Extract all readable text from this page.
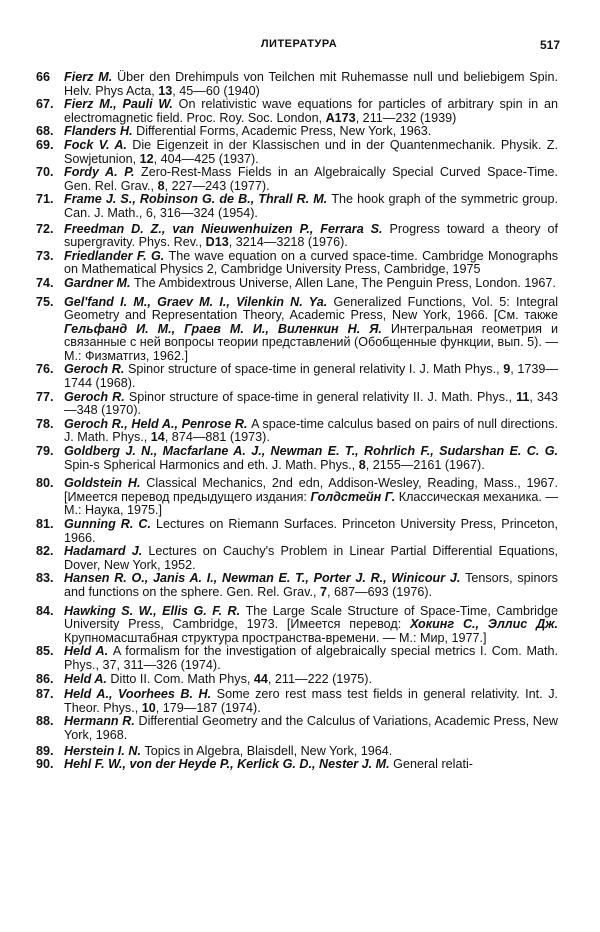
ЛИТЕРАТУРА	517
66 Fierz M. Über den Drehimpuls von Teilchen mit Ruhemasse null und beliebigem Spin. Helv. Phys Acta, 13, 45—60 (1940)
67. Fierz M., Pauli W. On relativistic wave equations for particles of arbitrary spin in an electromagnetic field. Proc. Roy. Soc. London, A173, 211—232 (1939)
68. Flanders H. Differential Forms, Academic Press, New York, 1963.
69. Fock V. A. Die Eigenzeit in der Klassischen und in der Quantenmechanik. Physik. Z. Sowjetunion, 12, 404—425 (1937).
70. Fordy A. P. Zero-Rest-Mass Fields in an Algebraically Special Curved Space-Time. Gen. Rel. Grav., 8, 227—243 (1977).
71. Frame J. S., Robinson G. de B., Thrall R. M. The hook graph of the symmetric group. Can. J. Math., 6, 316—324 (1954).
72. Freedman D. Z., van Nieuwenhuizen P., Ferrara S. Progress toward a theory of supergravity. Phys. Rev., D13, 3214—3218 (1976).
73. Friedlander F. G. The wave equation on a curved space-time. Cambridge Monographs on Mathematical Physics 2, Cambridge University Press, Cambridge, 1975
74. Gardner M. The Ambidextrous Universe, Allen Lane, The Penguin Press, London. 1967.
75. Gel'fand I. M., Graev M. I., Vilenkin N. Ya. Generalized Functions, Vol. 5: Integral Geometry and Representation Theory, Academic Press, New York, 1966. [См. также Гельфанд И. М., Граев М. И., Виленкин Н. Я. Интегральная геометрия и связанные с ней вопросы теории представлений (Обобщенные функции, вып. 5). — М.: Физматгиз, 1962.]
76. Geroch R. Spinor structure of space-time in general relativity I. J. Math Phys., 9, 1739—1744 (1968).
77. Geroch R. Spinor structure of space-time in general relativity II. J. Math. Phys., 11, 343—348 (1970).
78. Geroch R., Held A., Penrose R. A space-time calculus based on pairs of null directions. J. Math. Phys., 14, 874—881 (1973).
79. Goldberg J. N., Macfarlane A. J., Newman E. T., Rohrlich F., Sudarshan E. C. G. Spin-s Spherical Harmonics and eth. J. Math. Phys., 8, 2155—2161 (1967).
80. Goldstein H. Classical Mechanics, 2nd edn, Addison-Wesley, Reading, Mass., 1967. [Имеется перевод предыдущего издания: Голдстейн Г. Классическая механика. — М.: Наука, 1975.]
81. Gunning R. C. Lectures on Riemann Surfaces. Princeton University Press, Princeton, 1966.
82. Hadamard J. Lectures on Cauchy's Problem in Linear Partial Differential Equations, Dover, New York, 1952.
83. Hansen R. O., Janis A. I., Newman E. T., Porter J. R., Winicour J. Tensors, spinors and functions on the sphere. Gen. Rel. Grav., 7, 687—693 (1976).
84. Hawking S. W., Ellis G. F. R. The Large Scale Structure of Space-Time, Cambridge University Press, Cambridge, 1973. [Имеется перевод: Хокинг С., Эллис Дж. Крупномасштабная структура пространства-времени. — М.: Мир, 1977.]
85. Held A. A formalism for the investigation of algebraically special metrics I. Com. Math. Phys., 37, 311—326 (1974).
86. Held A. Ditto II. Com. Math Phys, 44, 211—222 (1975).
87. Held A., Voorhees B. H. Some zero rest mass test fields in general relativity. Int. J. Theor. Phys., 10, 179—187 (1974).
88. Hermann R. Differential Geometry and the Calculus of Variations, Academic Press, New York, 1968.
89. Herstein I. N. Topics in Algebra, Blaisdell, New York, 1964.
90. Hehl F. W., von der Heyde P., Kerlick G. D., Nester J. M. General relati-
